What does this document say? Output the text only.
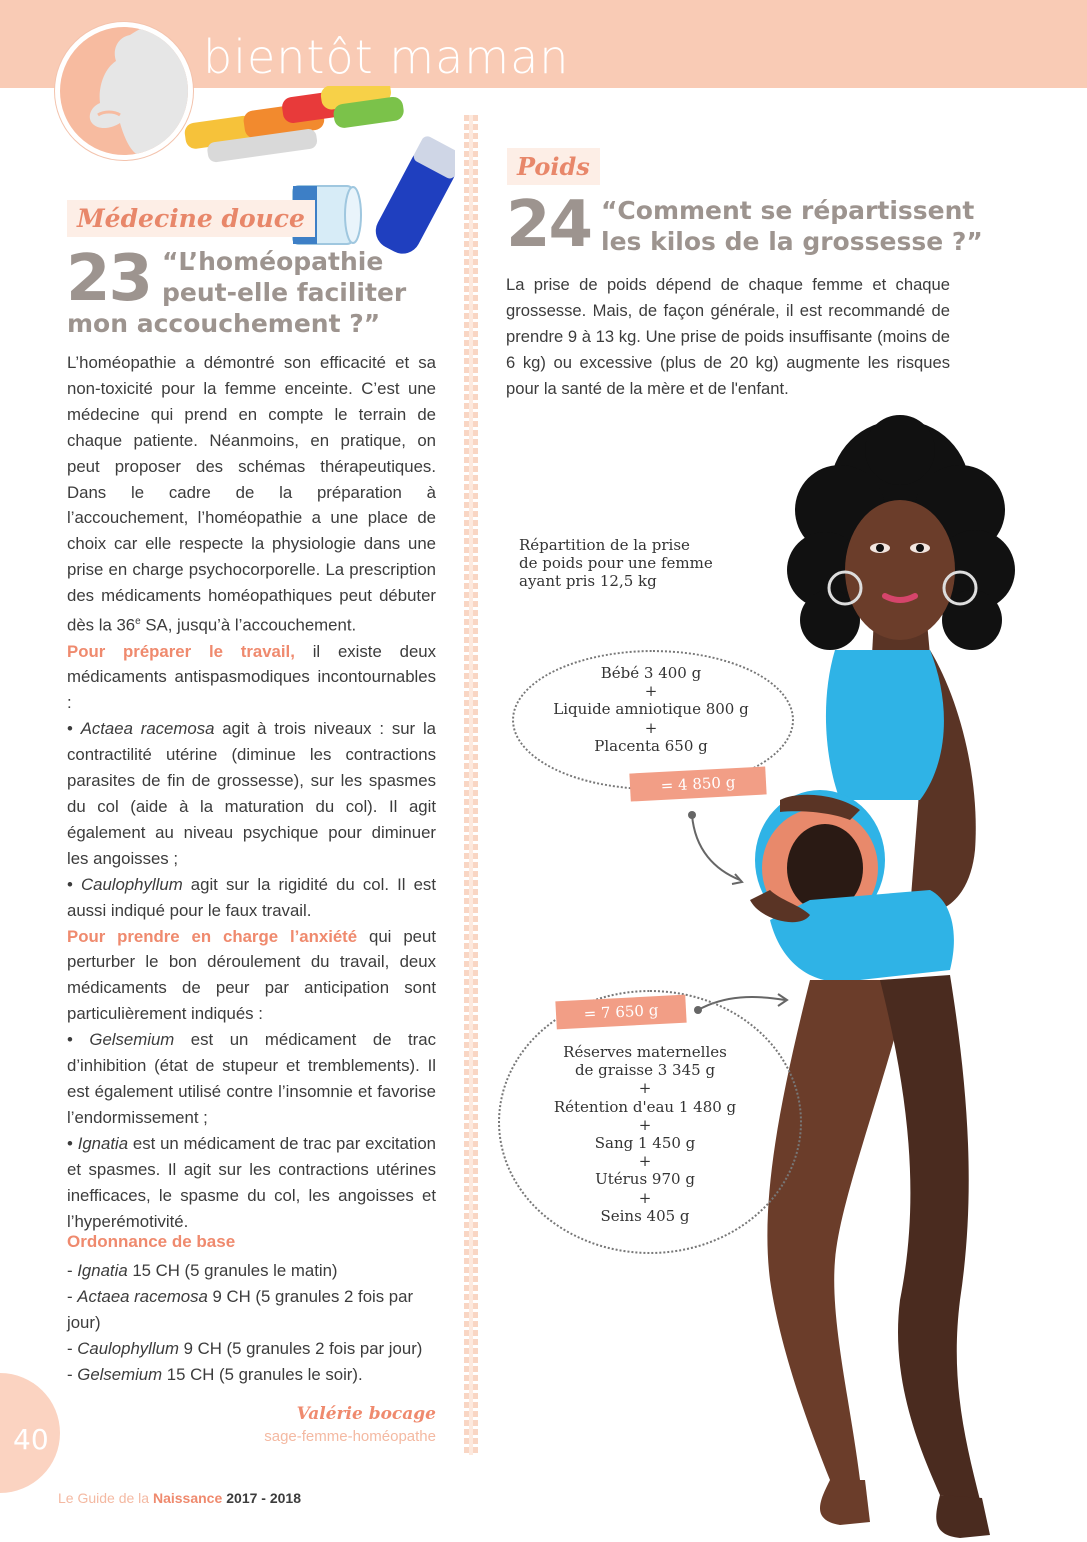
bientôt maman
Médecine douce
23 “L’homéopathie
peut-elle faciliter
mon accouchement ?”

L’homéopathie a démontré son efficacité et sa non-toxicité pour la femme enceinte. C’est une médecine qui prend en compte le terrain de chaque patiente. Néanmoins, en pratique, on peut proposer des schémas thérapeutiques. Dans le cadre de la préparation à l’accouchement, l’homéopathie a une place de choix car elle respecte la physiologie dans une prise en charge psychocorporelle. La prescription des médicaments homéopathiques peut débuter dès la 36e SA, jusqu’à l’accouchement.

Pour préparer le travail, il existe deux médicaments antispasmodiques incontournables :

• Actaea racemosa agit à trois niveaux : sur la contractilité utérine (diminue les contractions parasites de fin de grossesse), sur les spasmes du col (aide à la maturation du col). Il agit également au niveau psychique pour diminuer les angoisses ;

• Caulophyllum agit sur la rigidité du col. Il est aussi indiqué pour le faux travail.

Pour prendre en charge l’anxiété qui peut perturber le bon déroulement du travail, deux médicaments de peur par anticipation sont particulièrement indiqués :

• Gelsemium est un médicament de trac d’inhibition (état de stupeur et tremblements). Il est également utilisé contre l’insomnie et favorise l’endormissement ;

• Ignatia est un médicament de trac par excitation et spasmes. Il agit sur les contractions utérines inefficaces, le spasme du col, les angoisses et l’hyperémotivité.

Ordonnance de base
- Ignatia 15 CH (5 granules le matin)
- Actaea racemosa 9 CH (5 granules 2 fois par jour)
- Caulophyllum 9 CH (5 granules 2 fois par jour)
- Gelsemium 15 CH (5 granules le soir).
Valérie bocage
sage-femme-homéopathe
Poids
24 “Comment se répartissent
les kilos de la grossesse ?”
La prise de poids dépend de chaque femme et chaque grossesse. Mais, de façon générale, il est recommandé de prendre 9 à 13 kg. Une prise de poids insuffisante (moins de 6 kg) ou excessive (plus de 20 kg) augmente les risques pour la santé de la mère et de l'enfant.
Répartition de la prise
de poids pour une femme
ayant pris 12,5 kg
Bébé 3 400 g
+
Liquide amniotique 800 g
+
Placenta 650 g
= 4 850 g
Réserves maternelles
de graisse 3 345 g
+
Rétention d'eau 1 480 g
+
Sang 1 450 g
+
Utérus 970 g
+
Seins 405 g
= 7 650 g
40
Le Guide de la Naissance 2017 - 2018
